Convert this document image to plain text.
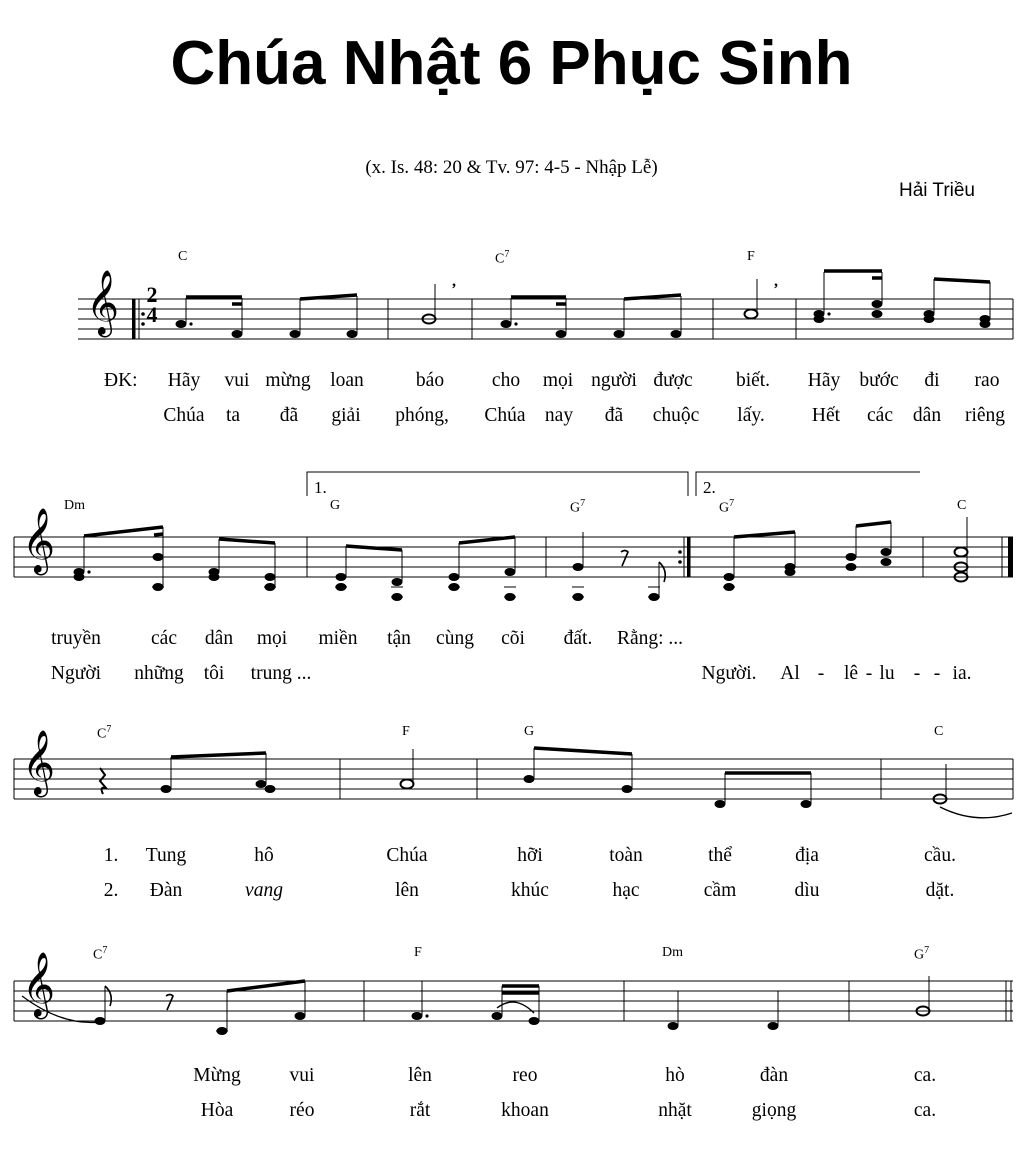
Chúa Nhật 6 Phục Sinh
(x. Is. 48: 20 & Tv. 97: 4-5 - Nhập Lễ)
Hải Triều
,	,
𝄞 2
4
C	$C^7$	F
ĐK: Hãy vui mừng loan	báo cho mọi người được biết. Hãy bước đi rao
Chúa ta đã giải phóng, Chúa nay đã chuộc lấy. Hết các dân riêng
𝄞
1.	2.
Dm	G	$G^7$	$G^7$	C
truyền	các dân mọi miền tận cùng cõi đất. Rằng: ...
Người những tôi trung ...	Người. Al - lê - lu - - ia.
𝄞	$C^7$	F	G	C
1. Tung	hô	Chúa	hỡi	toàn	thể	địa	cầu.
2. Đàn	vang	lên	khúc	hạc	cầm	dìu	dặt.
𝄞	$C^7$	F	Dm	$G^7$
Mừng	vui	lên	reo	hò	đàn	ca.
Hòa	réo	rắt	khoan	nhặt	giọng	ca.
